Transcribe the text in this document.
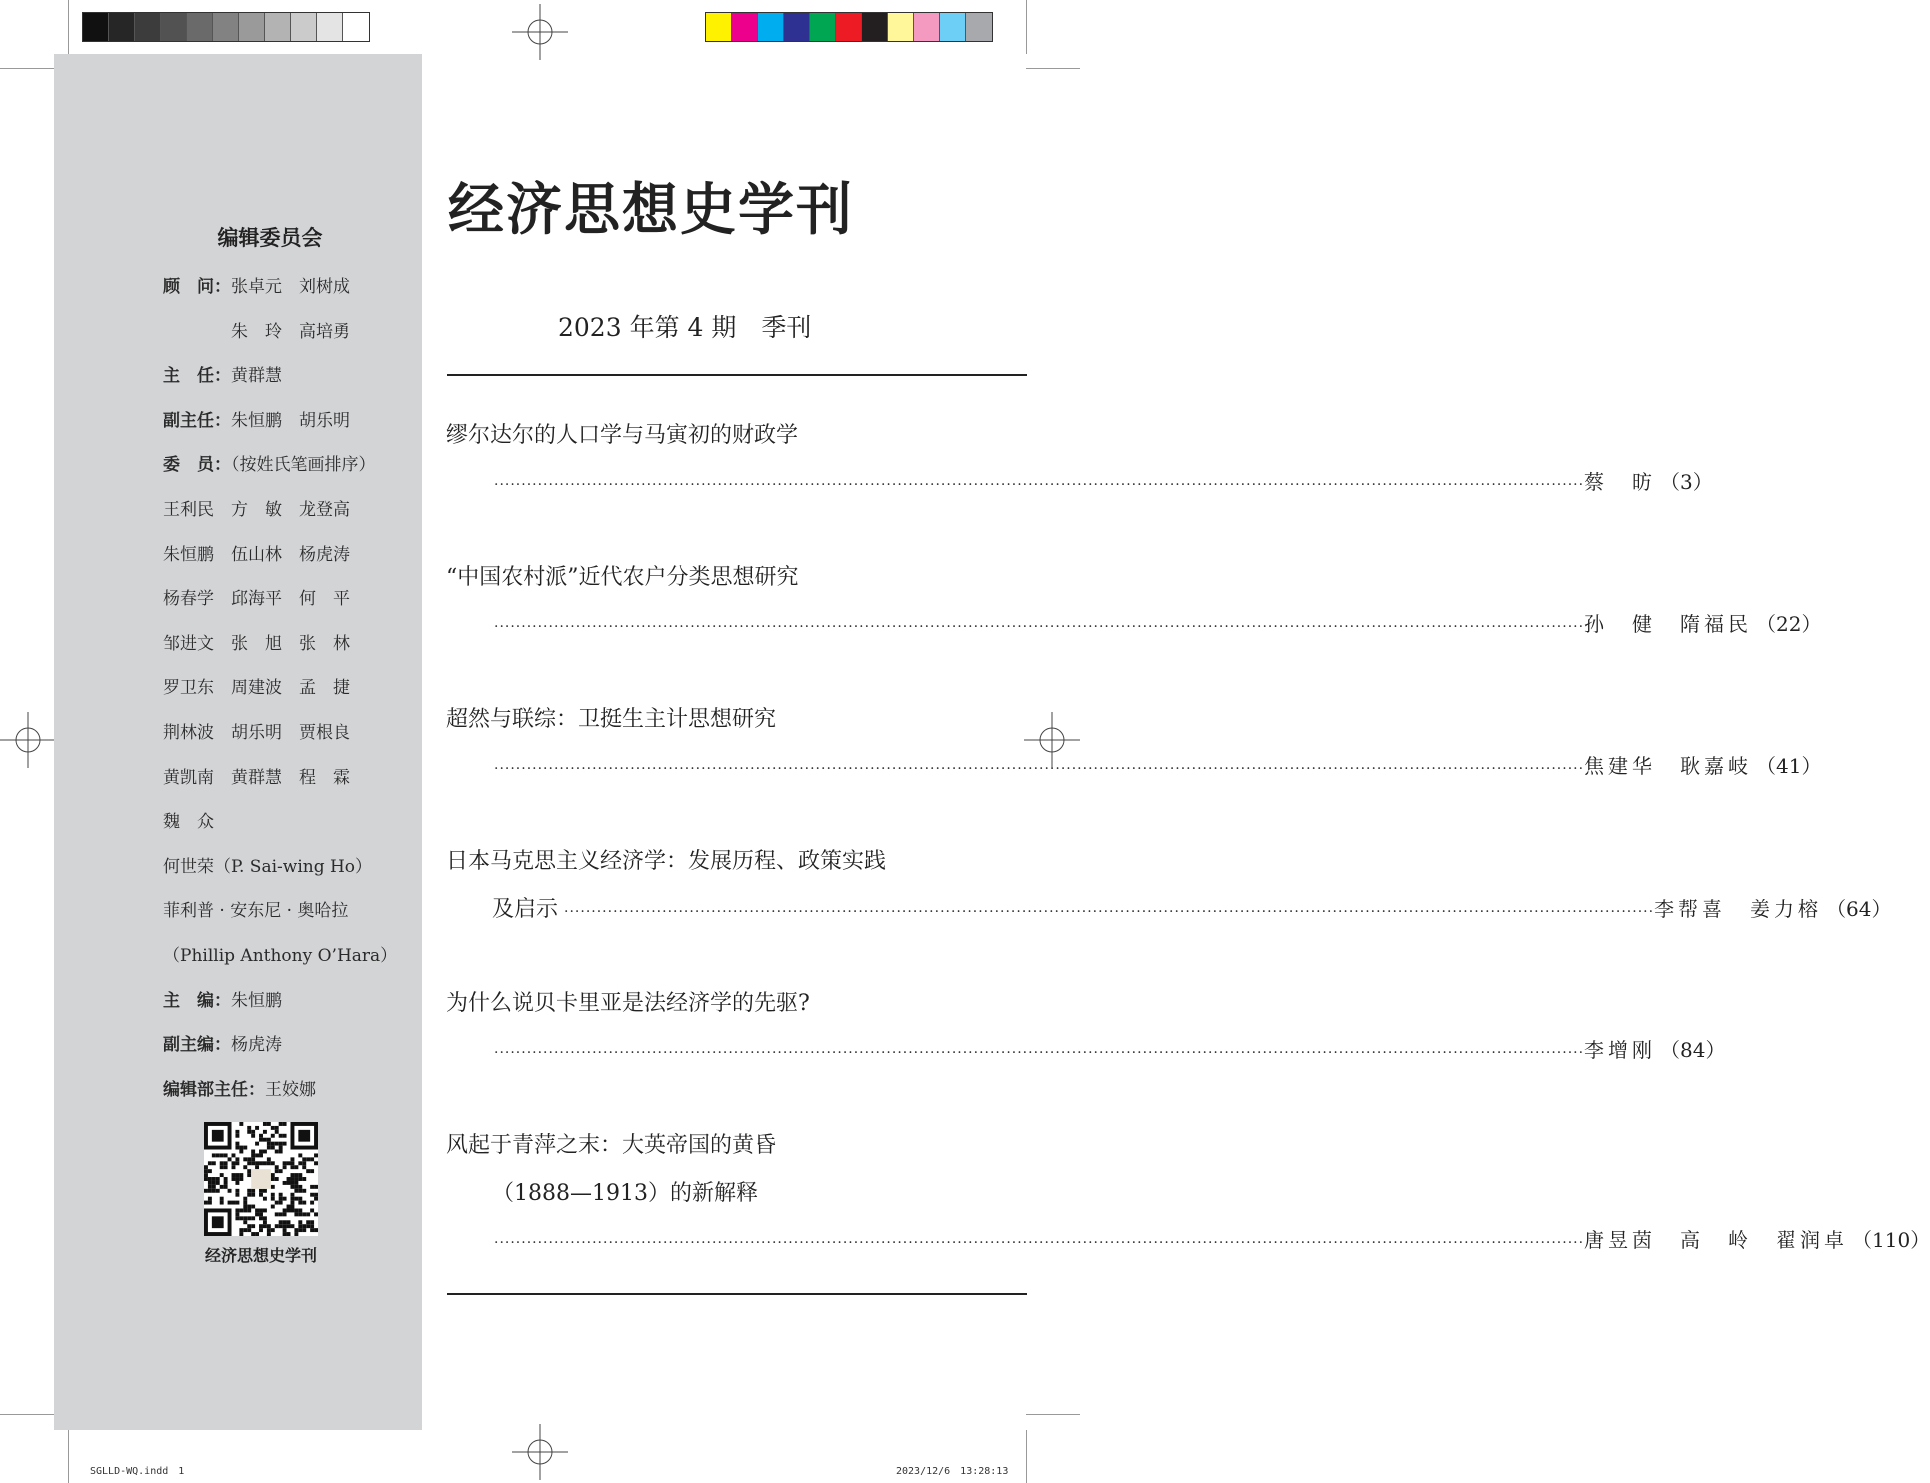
编辑委员会
顾　问：张卓元　刘树成
　　　　朱　玲　高培勇
主　任：黄群慧
副主任：朱恒鹏　胡乐明
委　员：（按姓氏笔画排序）
王利民　方　敏　龙登高
朱恒鹏　伍山林　杨虎涛
杨春学　邱海平　何　平
邹进文　张　旭　张　林
罗卫东　周建波　孟　捷
荆林波　胡乐明　贾根良
黄凯南　黄群慧　程　霖
魏　众
何世荣（P. Sai-wing Ho）
菲利普 · 安东尼 · 奥哈拉
（Phillip Anthony O’Hara）
主　编：朱恒鹏
副主编：杨虎涛
编辑部主任：王姣娜
经济思想史学刊
经济思想史学刊
2023 年第 4 期　季刊
缪尔达尔的人口学与马寅初的财政学
········································································································································································································ 蔡　昉 （3）
“中国农村派”近代农户分类思想研究
········································································································································································································ 孙　健　隋福民 （22）
超然与联综：卫挺生主计思想研究
········································································································································································································ 焦建华　耿嘉岐 （41）
日本马克思主义经济学：发展历程、政策实践
及启示 ········································································································································································································ 李帮喜　姜力榕 （64）
为什么说贝卡里亚是法经济学的先驱?
········································································································································································································ 李增刚 （84）
风起于青萍之末：大英帝国的黄昏
（1888—1913）的新解释
········································································································································································································ 唐昱茵　高　岭　翟润卓 （110）
SGLLD-WQ.indd　1	2023/12/6　13:28:13
